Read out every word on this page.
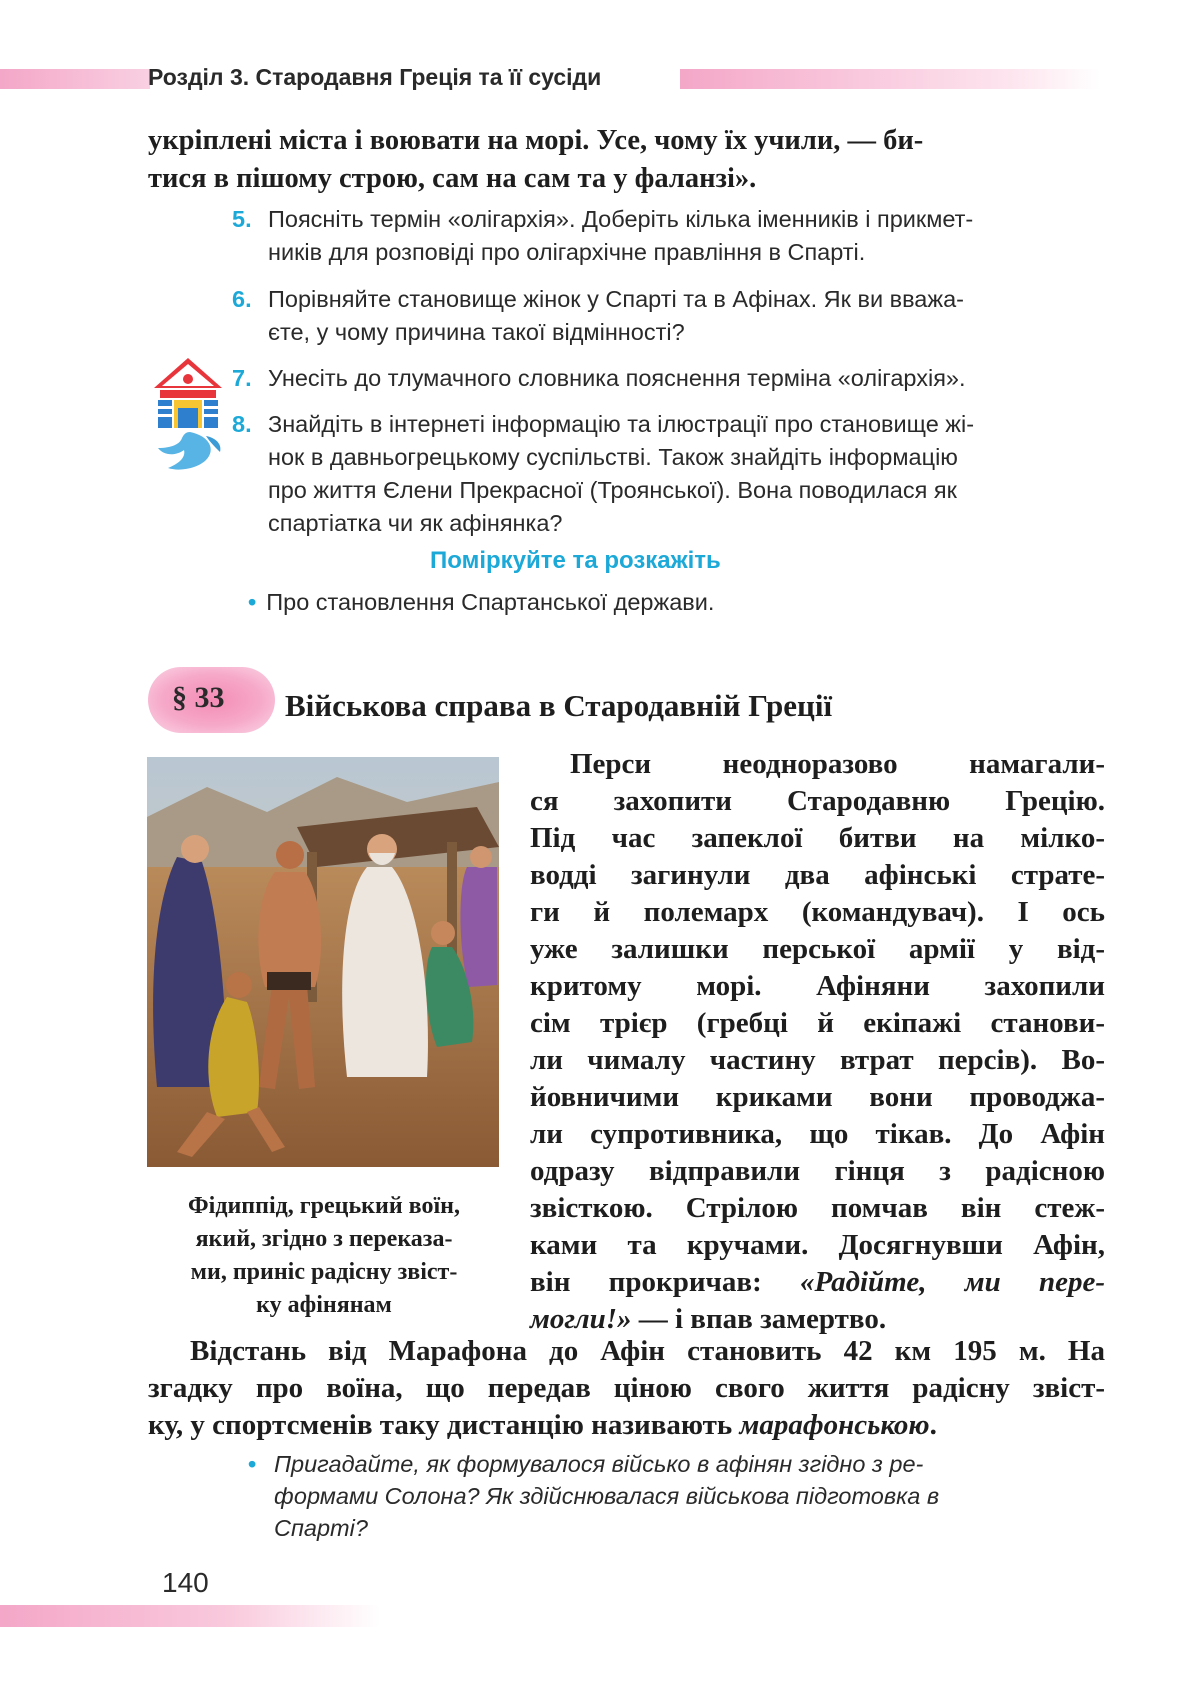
Розділ 3. Стародавня Греція та її сусіди
укріплені міста і воювати на морі. Усе, чому їх учили, — би-
тися в пішому строю, сам на сам та у фаланзі».
5. Поясніть термін «олігархія». Доберіть кілька іменників і прикмет-
ників для розповіді про олігархічне правління в Спарті.
6. Порівняйте становище жінок у Спарті та в Афінах. Як ви вважа-
єте, у чому причина такої відмінності?
7. Унесіть до тлумачного словника пояснення терміна «олігархія».
8. Знайдіть в інтернеті інформацію та ілюстрації про становище жі-
нок в давньогрецькому суспільстві. Також знайдіть інформацію
про життя Єлени Прекрасної (Троянської). Вона поводилася як
спартіатка чи як афінянка?
Поміркуйте та розкажіть
• Про становлення Спартанської держави.
§ 33 Військова справа в Стародавній Греції
Фідиппід, грецький воїн,
який, згідно з переказа-
ми, приніс радісну звіст-
ку афінянам
Перси неодноразово намагали-
ся захопити Стародавню Грецію.
Під час запеклої битви на мілко-
водді загинули два афінські страте-
ги й полемарх (командувач). І ось
уже залишки перської армії у від-
критому морі. Афіняни захопили
сім трієр (гребці й екіпажі станови-
ли чималу частину втрат персів). Во-
йовничими криками вони проводжа-
ли супротивника, що тікав. До Афін
одразу відправили гінця з радісною
звісткою. Стрілою помчав він стеж-
ками та кручами. Досягнувши Афін,
він прокричав: «Радійте, ми пере-
могли!» — і впав замертво.
Відстань від Марафона до Афін становить 42 км 195 м. На
згадку про воїна, що передав ціною свого життя радісну звіст-
ку, у спортсменів таку дистанцію називають марафонською.
• Пригадайте, як формувалося військо в афінян згідно з ре-
формами Солона? Як здійснювалася військова підготовка в
Спарті?
140
